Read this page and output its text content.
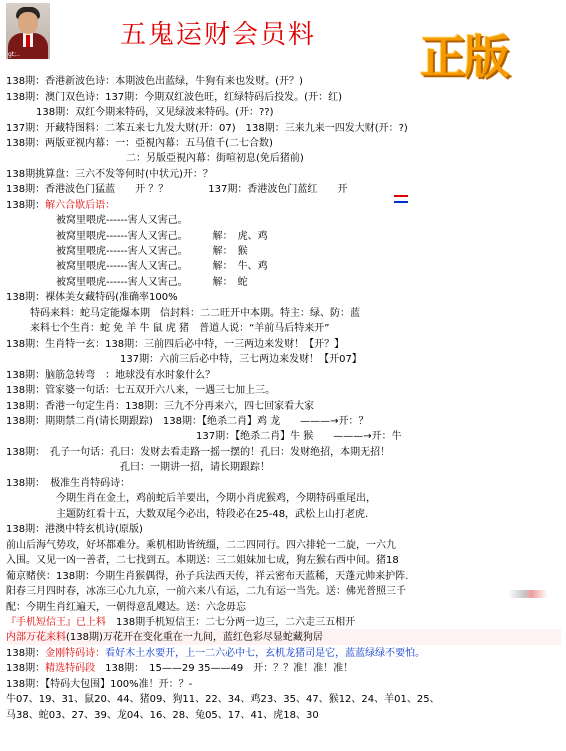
gt;..
五鬼运财会员料 正版
138期：香港新波色诗：本期波色出蓝绿，牛狗有来也发财。(开？)
138期：澳门双色诗：137期：今期双红波色旺，红绿特码后投发。(开：红)
138期：双红今期来特码，又见绿波来特码。(开：??)
137期：开藏特图料：二苯五来七九发大财(开：07)　138期：三来九来一四发大财(开：?)
138期：两版亚视内幕：一：亞視內幕：五马值千(二七合数)
二：另版亞視內幕：街喧初息(免后猪前)
138期挑算盘：三六不发等何时(中状元)开：？
138期：香港波色门猛蓝　　开 ？？　　　　137期：香港波色门蓝红　　开
138期：解六合歇后语：
被窝里喂虎------害人又害己。
被窝里喂虎------害人又害己。　　　解：　虎、鸡
被窝里喂虎------害人又害己。　　　解：　猴
被窝里喂虎------害人又害己。　　　解：　牛、鸡
被窝里喂虎------害人又害己。　　　解：　蛇
138期：裸体美女藏特码(准确率100%
特码来料：蛇马定能爆本期　信封料：二二旺开中本期。特主：绿、防：蓝
来料七个生肖：蛇 免 羊 牛 鼠 虎 猪　普道人说：“羊前马后特来开”
138期：生肖特一玄：138期：三前四后必中特，一三两边来发财！【开？】
137期：六前三后必中特，三七两边来发财！【开07】
138期：脑筋急转弯　：地球没有水时象什么？
138期：管家婆一句话：七五双开六八来，一遇三七加上三。
138期：香港一句定生肖：138期：三九不分再来六，四七回家看大家
138期：期期禁二肖(请长期跟踪)　138期：【绝杀二肖】鸡 龙　　———→开：？
137期：【绝杀二肖】牛 猴　　———→开：牛
138期：　孔子一句话：孔曰：发财去看走路一摇一摆的！孔曰：发财绝招，本期无招！
孔曰：一期讲一招，请长期跟踪！
138期：　极准生肖特码诗：
今期生肖在金土，鸡前蛇后羊要出，今期小肖虎猴鸡，今期特码重尾出，
主题防红看十五，大数双尾今必出，特段必在25-48，武松上山打老虎.
138期：港澳中特玄机诗(原版)
前山后海气势攻，好坏都难分。乘机相助皆统缰，二二四同行。四六排轮一二旋，一六九
入围。又见一凶一善者，二七找到五。本期送：三二姐妹加七成，狗左猴右西中间。猪18
葡京赌侠：138期：今期生肖猴偶得，孙子兵法西天传，祥云密布天蓝稀，天蓬元帅来护阵.
阳春三月四时春，冰冻三心九九京，一前六来八有运，二九有运一当先。送：佛光普照三千
配：今期生肖红遍天，一朝得意乱飕达。送：六念毋忘
『手机短信王』已上料　138期手机短信王：二七分两一边三，二六走三五相开
内部万花来料(138期)万花开在变化重在一九间，蓝红色彩尽显蛇藏狗居
138期：金刚特码诗：看好木土水要开，上一二六必中七，玄机龙猪司是它，蓝蓝绿绿不要怕。
138期：精选特码段　138期：　15——29 35——49　开：？？准！准！准！
138期：【特码大包围】100%准！开：？-
牛07、19、31、鼠20、44、猪09、狗11、22、34、鸡23、35、47、猴12、24、羊01、25、
马38、蛇03、27、39、龙04、16、28、兔05、17、41、虎18、30
